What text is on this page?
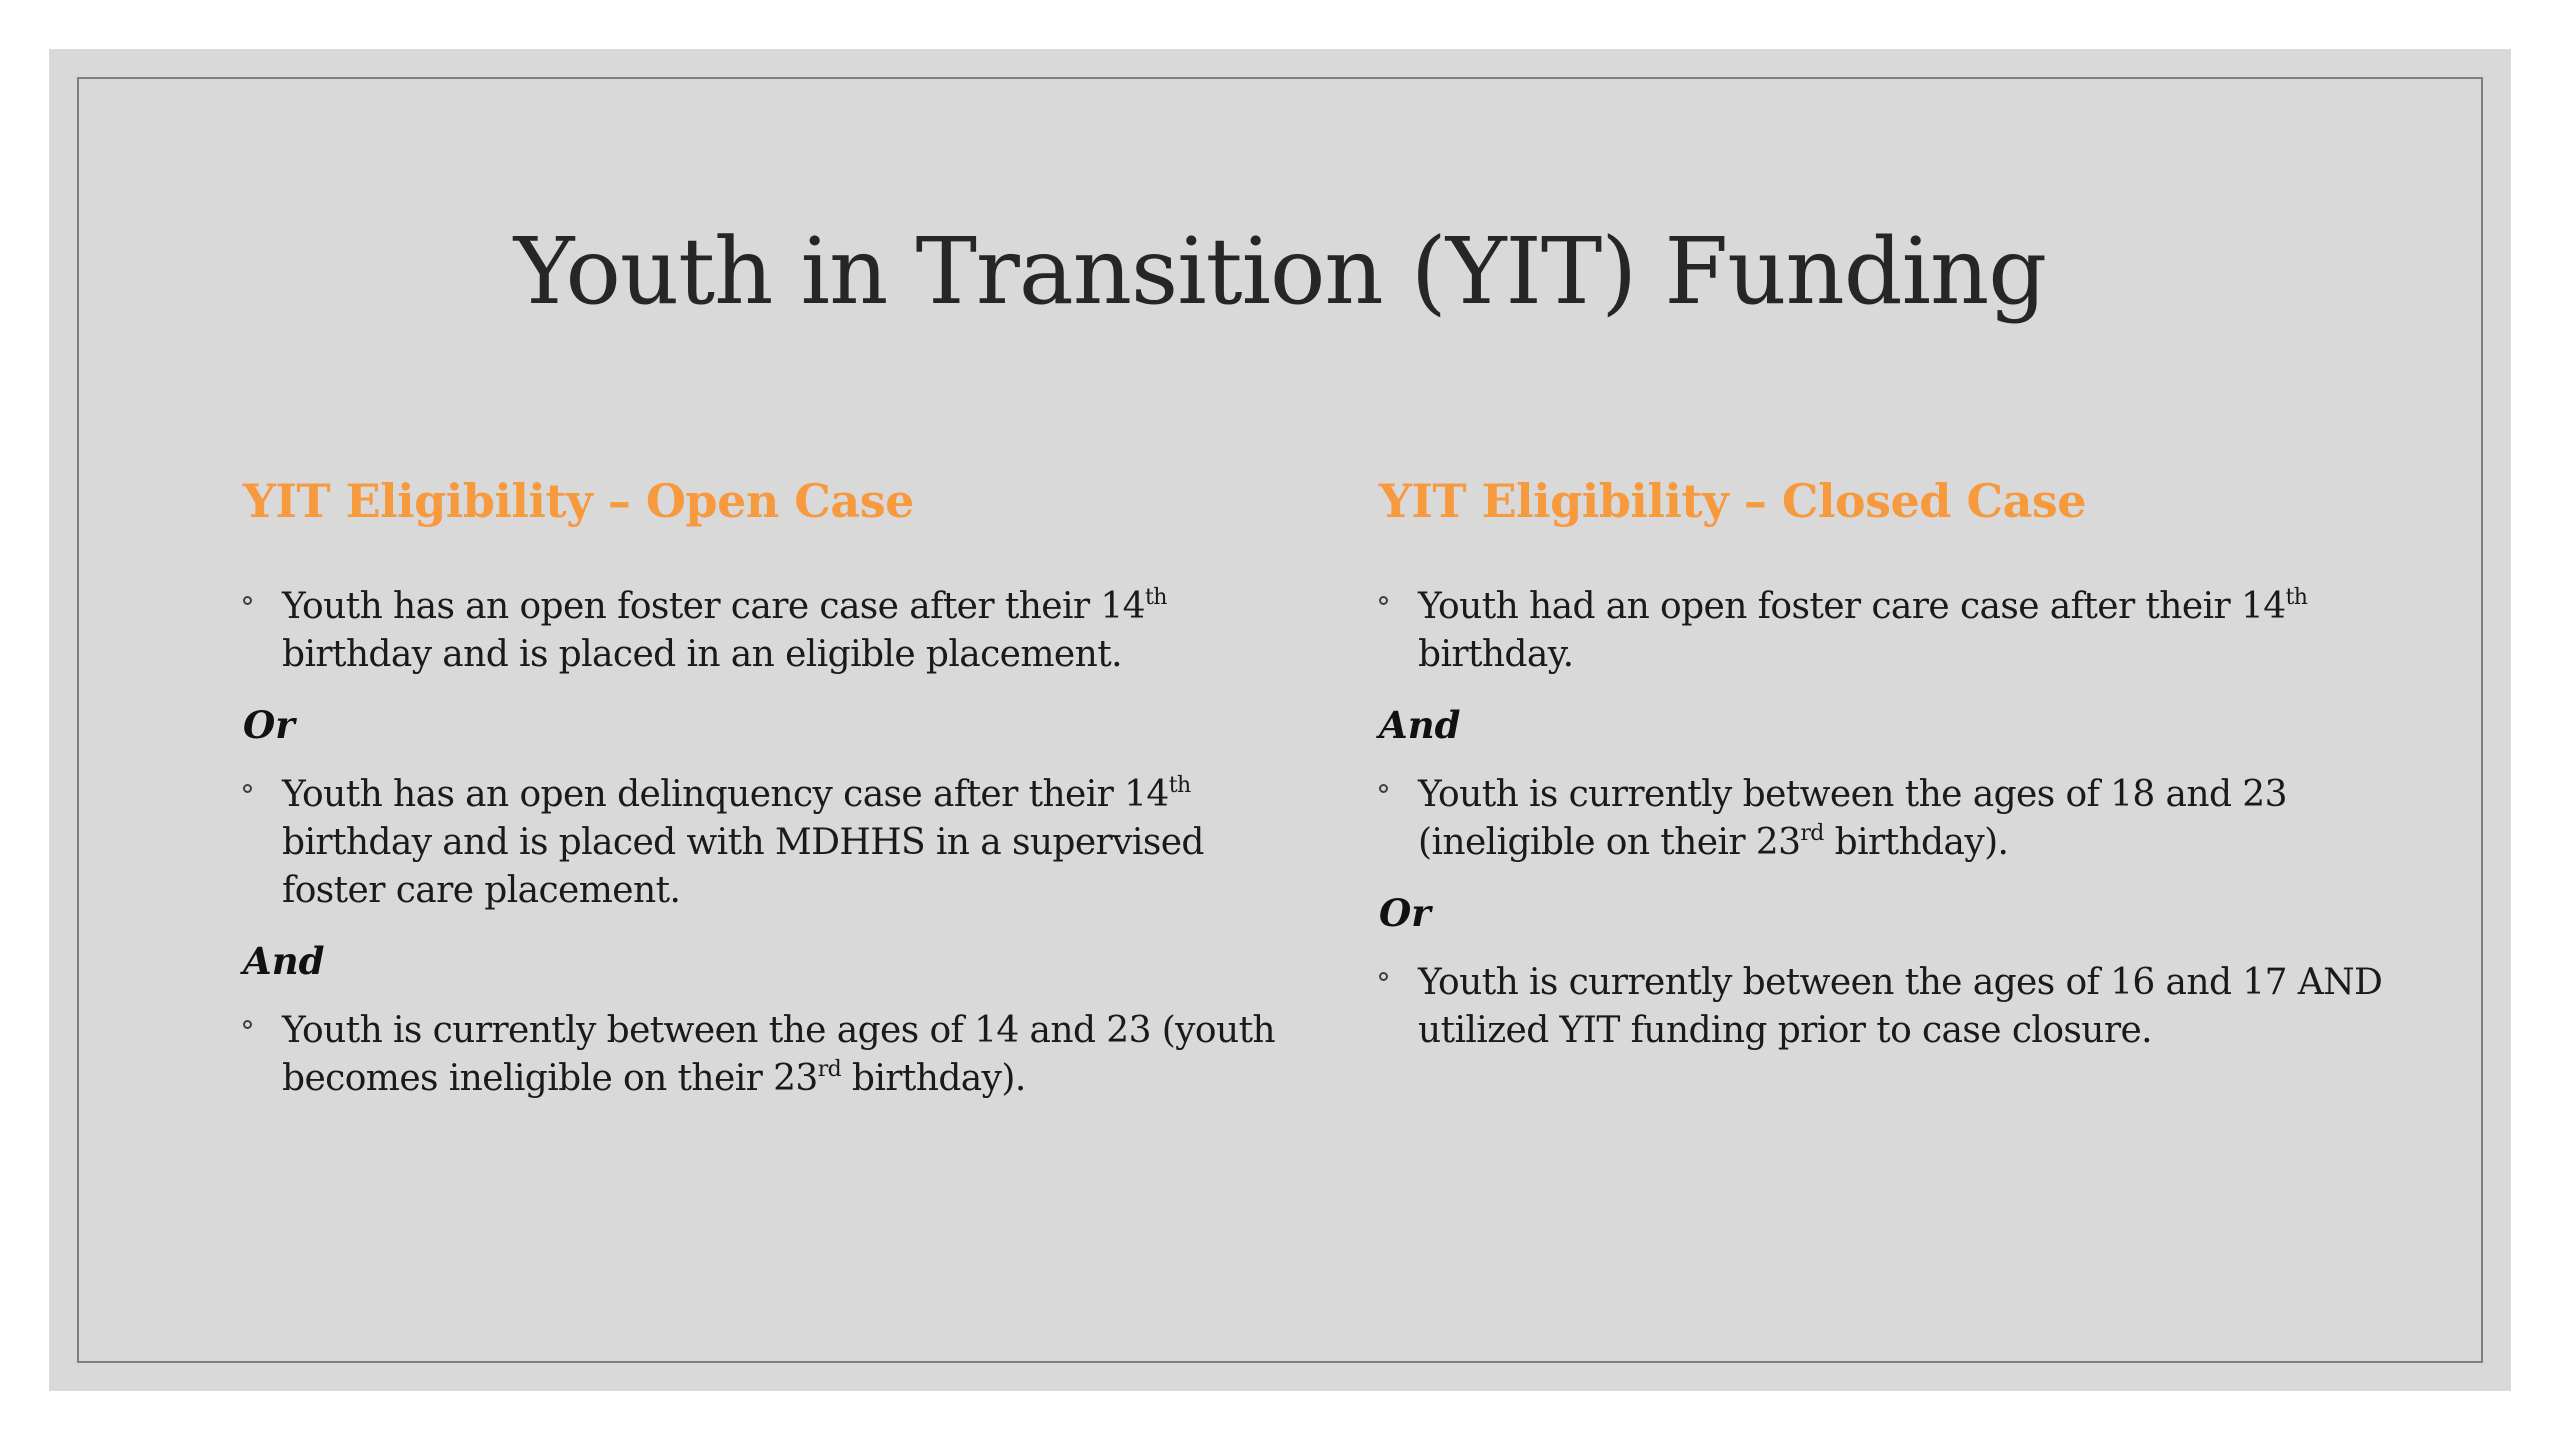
Youth in Transition (YIT) Funding
YIT Eligibility – Open Case
Youth has an open foster care case after their 14th birthday and is placed in an eligible placement.
Or
Youth has an open delinquency case after their 14th birthday and is placed with MDHHS in a supervised foster care placement.
And
Youth is currently between the ages of 14 and 23 (youth becomes ineligible on their 23rd birthday).
YIT Eligibility – Closed Case
Youth had an open foster care case after their 14th birthday.
And
Youth is currently between the ages of 18 and 23 (ineligible on their 23rd birthday).
Or
Youth is currently between the ages of 16 and 17 AND utilized YIT funding prior to case closure.
